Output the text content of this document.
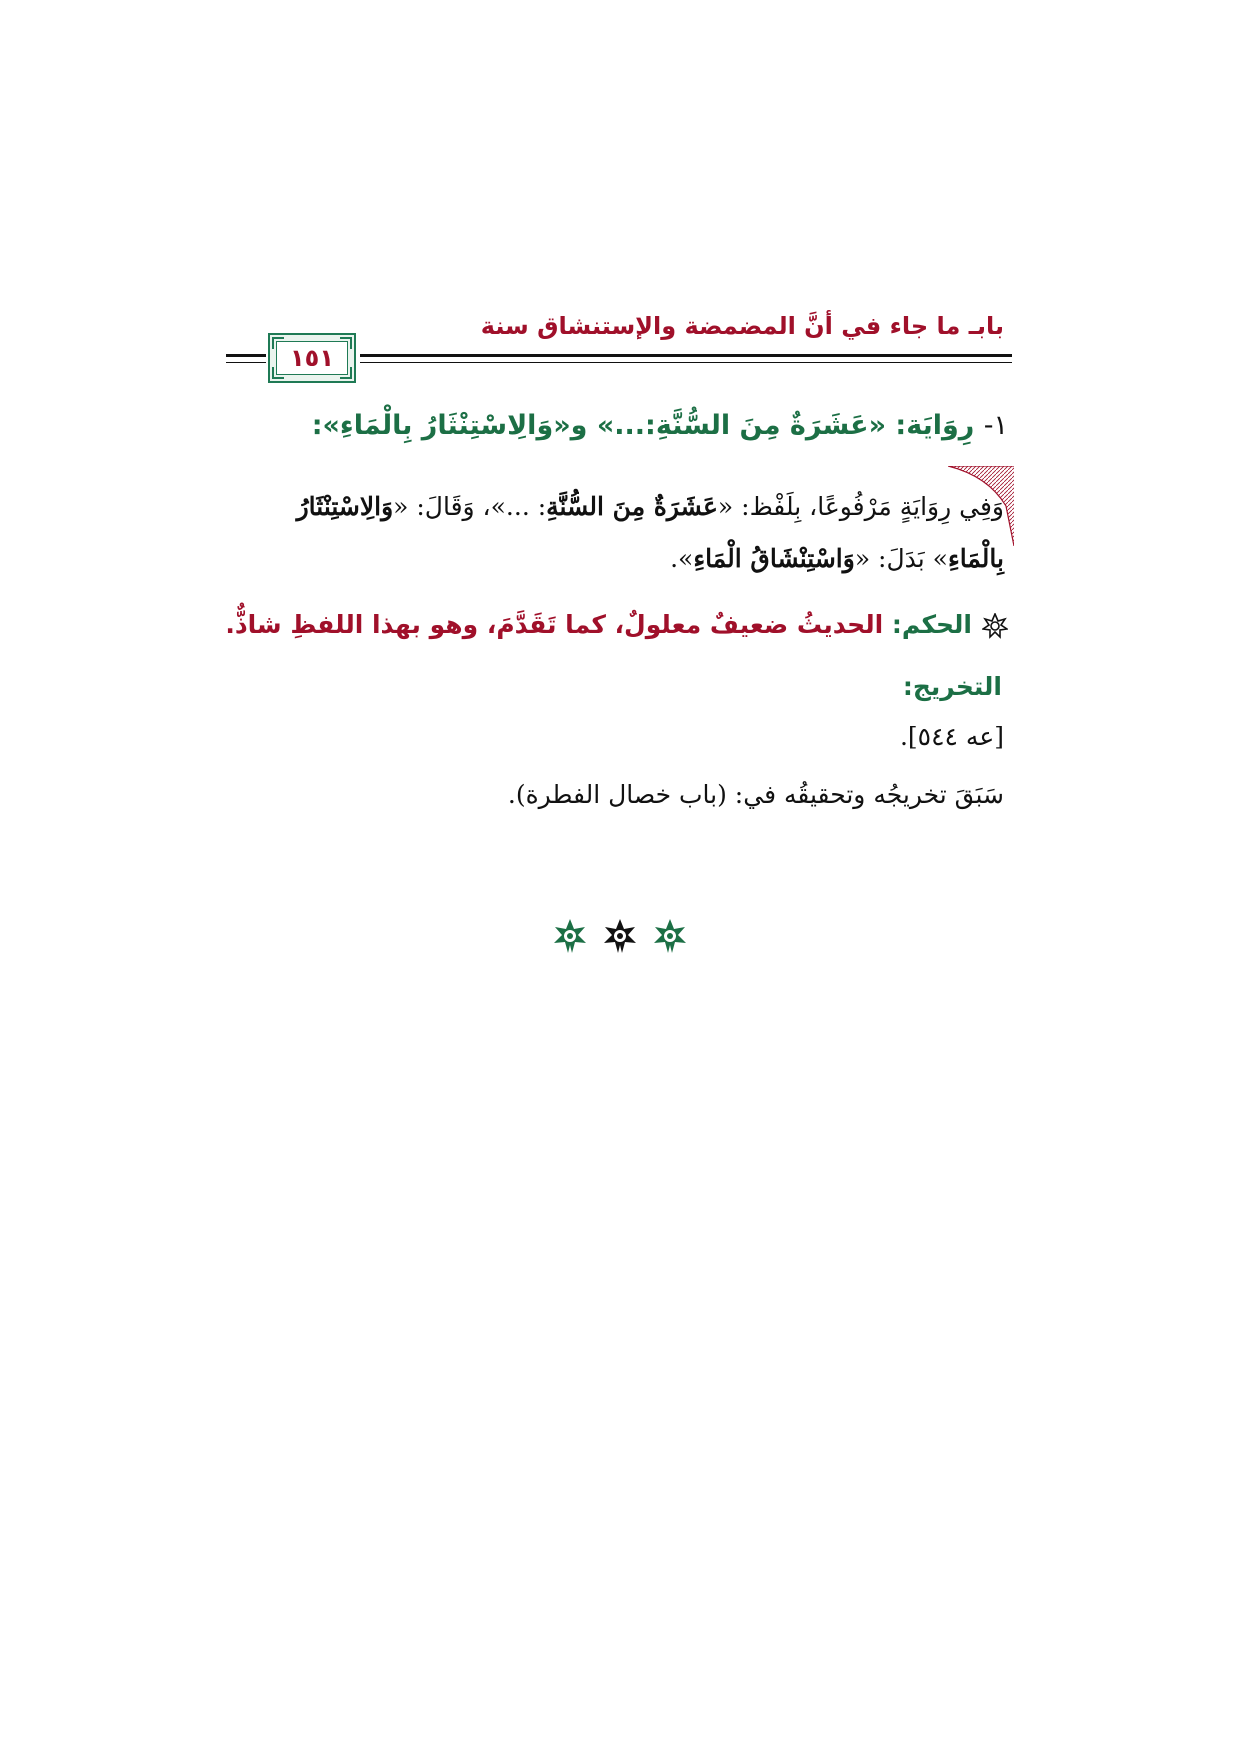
بابـ ما جاء في أنَّ المضمضة والإستنشاق سنة
١٥١
١- رِوَايَة: «عَشَرَةٌ مِنَ السُّنَّةِ:...» و«وَالِاسْتِنْثَارُ بِالْمَاءِ»:
وَفِي رِوَايَةٍ مَرْفُوعًا، بِلَفْظ: «عَشَرَةٌ مِنَ السُّنَّةِ: ...»، وَقَالَ: «وَالِاسْتِنْثَارُ
بِالْمَاءِ» بَدَلَ: «وَاسْتِنْشَاقُ الْمَاءِ».
الحكم: الحديثُ ضعيفٌ معلولٌ، كما تَقَدَّمَ، وهو بهذا اللفظِ شاذٌّ.
التخريج:
[عه ٥٤٤].
سَبَقَ تخريجُه وتحقيقُه في: (باب خصال الفطرة).
